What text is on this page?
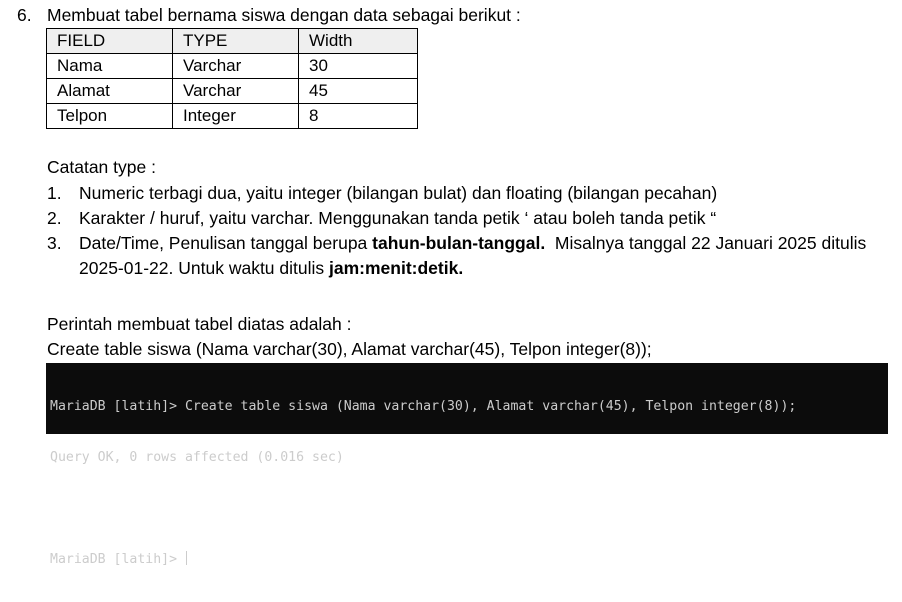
6. Membuat tabel bernama siswa dengan data sebagai berikut :
FIELD	TYPE	Width
Nama	Varchar	30
Alamat	Varchar	45
Telpon	Integer	8
Catatan type :
1. Numeric terbagi dua, yaitu integer (bilangan bulat) dan floating (bilangan pecahan)
2. Karakter / huruf, yaitu varchar. Menggunakan tanda petik ‘ atau boleh tanda petik “
3. Date/Time, Penulisan tanggal berupa tahun-bulan-tanggal.  Misalnya tanggal 22 Januari 2025 ditulis 2025-01-22. Untuk waktu ditulis jam:menit:detik.
Perintah membuat tabel diatas adalah :
Create table siswa (Nama varchar(30), Alamat varchar(45), Telpon integer(8));

MariaDB [latih]> Create table siswa (Nama varchar(30), Alamat varchar(45), Telpon integer(8));

Query OK, 0 rows affected (0.016 sec)

MariaDB [latih]>
